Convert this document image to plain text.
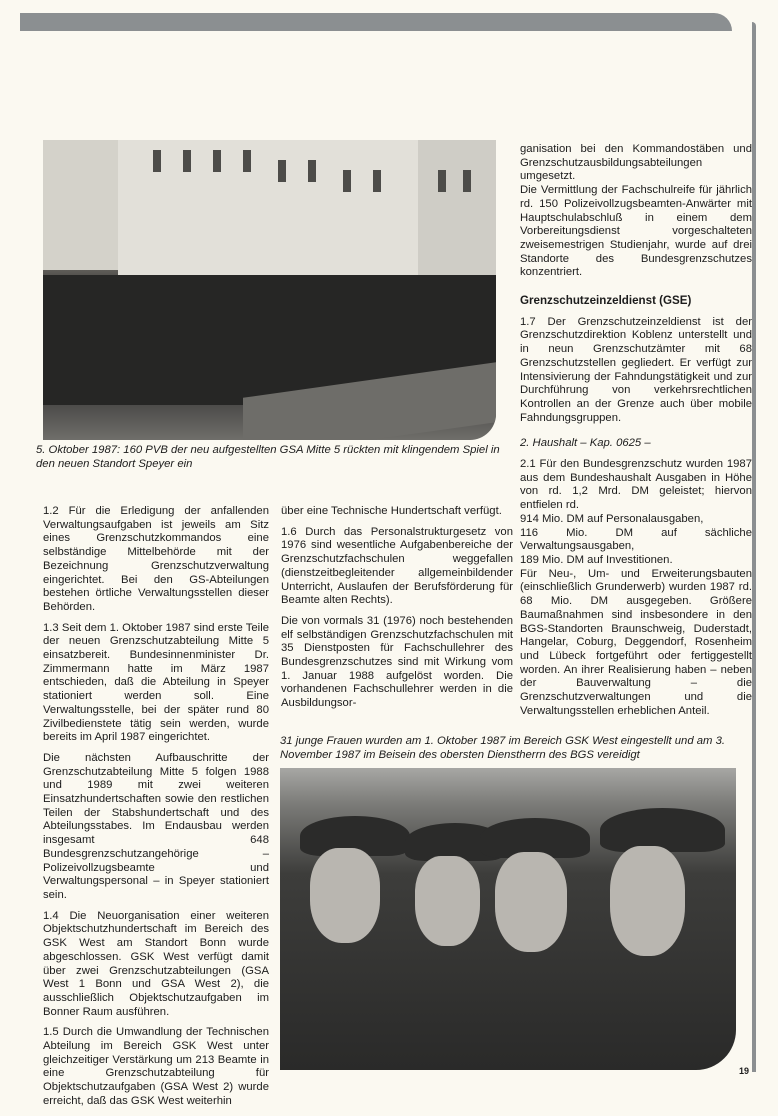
5. Oktober 1987: 160 PVB der neu aufgestellten GSA Mitte 5 rückten mit klingendem Spiel in den neuen Standort Speyer ein

ganisation bei den Kommandostäben und Grenzschutzausbildungsabteilungen umgesetzt.

Die Vermittlung der Fachschulreife für jährlich rd. 150 Polizeivollzugsbeamten-Anwärter mit Hauptschulabschluß in einem dem Vorbereitungsdienst vorgeschalteten zweisemestrigen Studienjahr, wurde auf drei Standorte des Bundesgrenzschutzes konzentriert.

Grenzschutzeinzeldienst (GSE)

1.7 Der Grenzschutzeinzeldienst ist der Grenzschutzdirektion Koblenz unterstellt und in neun Grenzschutzämter mit 68 Grenzschutzstellen gegliedert. Er verfügt zur Intensivierung der Fahndungstätigkeit und zur Durchführung von verkehrsrechtlichen Kontrollen an der Grenze auch über mobile Fahndungsgruppen.

2. Haushalt – Kap. 0625 –

2.1 Für den Bundesgrenzschutz wurden 1987 aus dem Bundeshaushalt Ausgaben in Höhe von rd. 1,2 Mrd. DM geleistet; hiervon entfielen rd.

914 Mio. DM auf Personalausgaben,

116 Mio. DM auf sächliche Verwaltungsausgaben,

189 Mio. DM auf Investitionen.

Für Neu-, Um- und Erweiterungsbauten (einschließlich Grunderwerb) wurden 1987 rd. 68 Mio. DM ausgegeben. Größere Baumaßnahmen sind insbesondere in den BGS-Standorten Braunschweig, Duderstadt, Hangelar, Coburg, Deggendorf, Rosenheim und Lübeck fortgeführt oder fertiggestellt worden. An ihrer Realisierung haben – neben der Bauverwaltung – die Grenzschutzverwaltungen und die Verwaltungsstellen erheblichen Anteil.

1.2 Für die Erledigung der anfallenden Verwaltungsaufgaben ist jeweils am Sitz eines Grenzschutzkommandos eine selbständige Mittelbehörde mit der Bezeichnung Grenzschutzverwaltung eingerichtet. Bei den GS-Abteilungen bestehen örtliche Verwaltungsstellen dieser Behörden.

1.3 Seit dem 1. Oktober 1987 sind erste Teile der neuen Grenzschutzabteilung Mitte 5 einsatzbereit. Bundesinnenminister Dr. Zimmermann hatte im März 1987 entschieden, daß die Abteilung in Speyer stationiert werden soll. Eine Verwaltungsstelle, bei der später rund 80 Zivilbedienstete tätig sein werden, wurde bereits im April 1987 eingerichtet.

Die nächsten Aufbauschritte der Grenzschutzabteilung Mitte 5 folgen 1988 und 1989 mit zwei weiteren Einsatzhundertschaften sowie den restlichen Teilen der Stabshundertschaft und des Abteilungsstabes. Im Endausbau werden insgesamt 648 Bundesgrenzschutzangehörige – Polizeivollzugsbeamte und Verwaltungspersonal – in Speyer stationiert sein.

1.4 Die Neuorganisation einer weiteren Objektschutzhundertschaft im Bereich des GSK West am Standort Bonn wurde abgeschlossen. GSK West verfügt damit über zwei Grenzschutzabteilungen (GSA West 1 Bonn und GSA West 2), die ausschließlich Objektschutzaufgaben im Bonner Raum ausführen.

1.5 Durch die Umwandlung der Technischen Abteilung im Bereich GSK West unter gleichzeitiger Verstärkung um 213 Beamte in eine Grenzschutzabteilung für Objektschutzaufgaben (GSA West 2) wurde erreicht, daß das GSK West weiterhin

über eine Technische Hundertschaft verfügt.

1.6 Durch das Personalstrukturgesetz von 1976 sind wesentliche Aufgabenbereiche der Grenzschutzfachschulen weggefallen (dienstzeitbegleitender allgemeinbildender Unterricht, Auslaufen der Berufsförderung für Beamte alten Rechts).

Die von vormals 31 (1976) noch bestehenden elf selbständigen Grenzschutzfachschulen mit 35 Dienstposten für Fachschullehrer des Bundesgrenzschutzes sind mit Wirkung vom 1. Januar 1988 aufgelöst worden. Die vorhandenen Fachschullehrer werden in die Ausbildungsor-

31 junge Frauen wurden am 1. Oktober 1987 im Bereich GSK West eingestellt und am 3. November 1987 im Beisein des obersten Dienstherrn des BGS vereidigt
19
